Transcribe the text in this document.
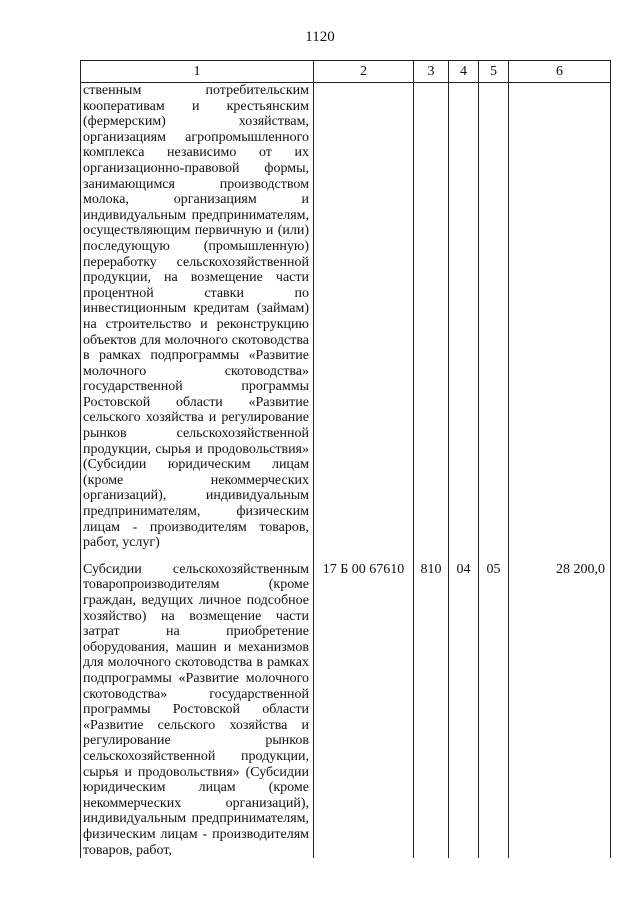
1120
1	2	3	4	5	6
ственным потребительским кооперативам и крестьянским (фермерским) хозяйствам, организациям агропромышленного комплекса независимо от их организационно-правовой формы, занимающимся производством молока, организациям и индивидуальным предпринимателям, осуществляющим первичную и (или) последующую (промышленную) переработку сельскохозяйственной продукции, на возмещение части процентной ставки по инвестиционным кредитам (займам) на строительство и реконструкцию объектов для молочного скотоводства в рамках подпрограммы «Развитие молочного скотоводства» государственной программы Ростовской области «Развитие сельского хозяйства и регулирование рынков сельскохозяйственной продукции, сырья и продовольствия» (Субсидии юридическим лицам (кроме некоммерческих организаций), индивидуальным предпринимателям, физическим лицам - производителям товаров, работ, услуг)					
Субсидии сельскохозяйственным товаропроизводителям (кроме граждан, ведущих личное подсобное хозяйство) на возмещение части затрат на приобретение оборудования, машин и механизмов для молочного скотоводства в рамках подпрограммы «Развитие молочного скотоводства» государственной программы Ростовской области «Развитие сельского хозяйства и регулирование рынков сельскохозяйственной продукции, сырья и продовольствия» (Субсидии юридическим лицам (кроме некоммерческих организаций), индивидуальным предпринимателям, физическим лицам - производителям товаров, работ,	17 Б 00 67610	810	04	05	28 200,0
